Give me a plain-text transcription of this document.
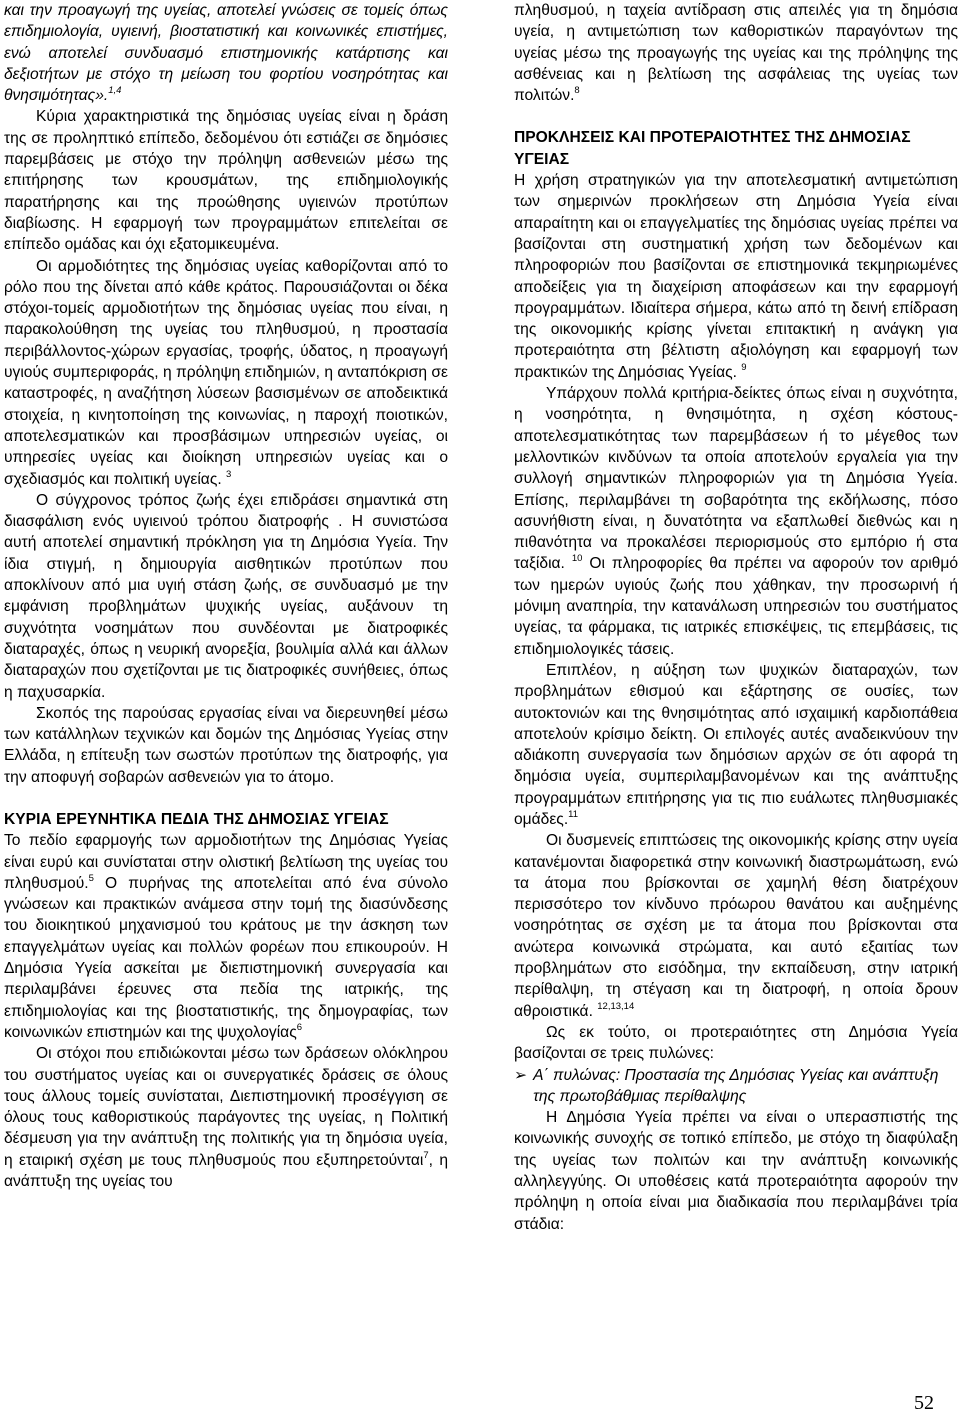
και την προαγωγή της υγείας, αποτελεί γνώσεις σε τομείς όπως επιδημιολογία, υγιεινή, βιοστατιστική και κοινωνικές επιστήμες, ενώ αποτελεί συνδυασμό επιστημονικής κατάρτισης και δεξιοτήτων με στόχο τη μείωση του φορτίου νοσηρότητας και θνησιμότητας».$^{1,4}$

Κύρια χαρακτηριστικά της δημόσιας υγείας είναι η δράση της σε προληπτικό επίπεδο, δεδομένου ότι εστιάζει σε δημόσιες παρεμβάσεις με στόχο την πρόληψη ασθενειών μέσω της επιτήρησης των κρουσμάτων, της επιδημιολογικής παρατήρησης και της προώθησης υγιεινών προτύπων διαβίωσης. Η εφαρμογή των προγραμμάτων επιτελείται σε επίπεδο ομάδας και όχι εξατομικευμένα.

Οι αρμοδιότητες της δημόσιας υγείας καθορίζονται από το ρόλο που της δίνεται από κάθε κράτος. Παρουσιάζονται οι δέκα στόχοι-τομείς αρμοδιοτήτων της δημόσιας υγείας που είναι, η παρακολούθηση της υγείας του πληθυσμού, η προστασία περιβάλλοντος-χώρων εργασίας, τροφής, ύδατος, η προαγωγή υγιούς συμπεριφοράς, η πρόληψη επιδημιών, η ανταπόκριση σε καταστροφές, η αναζήτηση λύσεων βασισμένων σε αποδεικτικά στοιχεία, η κινητοποίηση της κοινωνίας, η παροχή ποιοτικών, αποτελεσματικών και προσβάσιμων υπηρεσιών υγείας, οι υπηρεσίες υγείας και διοίκηση υπηρεσιών υγείας και ο σχεδιασμός και πολιτική υγείας. $^3$

Ο σύγχρονος τρόπος ζωής έχει επιδράσει σημαντικά στη διασφάλιση ενός υγιεινού τρόπου διατροφής . Η συνιστώσα αυτή αποτελεί σημαντική πρόκληση για τη Δημόσια Υγεία. Την ίδια στιγμή, η δημιουργία αισθητικών προτύπων που αποκλίνουν από μια υγιή στάση ζωής, σε συνδυασμό με την εμφάνιση προβλημάτων ψυχικής υγείας, αυξάνουν τη συχνότητα νοσημάτων που συνδέονται με διατροφικές διαταραχές, όπως η νευρική ανορεξία, βουλιμία αλλά και άλλων διαταραχών που σχετίζονται με τις διατροφικές συνήθειες, όπως η παχυσαρκία.

Σκοπός της παρούσας εργασίας είναι να διερευνηθεί μέσω των κατάλληλων τεχνικών και δομών της Δημόσιας Υγείας στην Ελλάδα, η επίτευξη των σωστών προτύπων της διατροφής, για την αποφυγή σοβαρών ασθενειών για το άτομο.

ΚΥΡΙΑ ΕΡΕΥΝΗΤΙΚΑ ΠΕΔΙΑ ΤΗΣ ΔΗΜΟΣΙΑΣ ΥΓΕΙΑΣ

Το πεδίο εφαρμογής των αρμοδιοτήτων της Δημόσιας Υγείας είναι ευρύ και συνίσταται στην ολιστική βελτίωση της υγείας του πληθυσμού.$^5$ Ο πυρήνας της αποτελείται από ένα σύνολο γνώσεων και πρακτικών ανάμεσα στην τομή της διασύνδεσης του διοικητικού μηχανισμού του κράτους με την άσκηση των επαγγελμάτων υγείας και πολλών φορέων που επικουρούν. Η Δημόσια Υγεία ασκείται με διεπιστημονική συνεργασία και περιλαμβάνει έρευνες στα πεδία της ιατρικής, της επιδημιολογίας και της βιοστατιστικής, της δημογραφίας, των κοινωνικών επιστημών και της ψυχολογίας$^6$

Οι στόχοι που επιδιώκονται μέσω των δράσεων ολόκληρου του συστήματος υγείας και οι συνεργατικές δράσεις σε όλους τους άλλους τομείς συνίσταται, Διεπιστημονική προσέγγιση σε όλους τους καθοριστικούς παράγοντες της υγείας, η Πολιτική δέσμευση για την ανάπτυξη της πολιτικής για τη δημόσια υγεία, η εταιρική σχέση με τους πληθυσμούς που εξυπηρετούνται$^7$, η ανάπτυξη της υγείας του

πληθυσμού, η ταχεία αντίδραση στις απειλές για τη δημόσια υγεία, η αντιμετώπιση των καθοριστικών παραγόντων της υγείας μέσω της προαγωγής της υγείας και της πρόληψης της ασθένειας και η βελτίωση της ασφάλειας της υγείας των πολιτών.$^8$

ΠΡΟΚΛΗΣΕΙΣ ΚΑΙ ΠΡΟΤΕΡΑΙΟΤΗΤΕΣ ΤΗΣ ΔΗΜΟΣΙΑΣ ΥΓΕΙΑΣ

Η χρήση στρατηγικών για την αποτελεσματική αντιμετώπιση των σημερινών προκλήσεων στη Δημόσια Υγεία είναι απαραίτητη και οι επαγγελματίες της δημόσιας υγείας πρέπει να βασίζονται στη συστηματική χρήση των δεδομένων και πληροφοριών που βασίζονται σε επιστημονικά τεκμηριωμένες αποδείξεις για τη διαχείριση αποφάσεων και την εφαρμογή προγραμμάτων. Ιδιαίτερα σήμερα, κάτω από τη δεινή επίδραση της οικονομικής κρίσης γίνεται επιτακτική η ανάγκη για προτεραιότητα στη βέλτιστη αξιολόγηση και εφαρμογή των πρακτικών της Δημόσιας Υγείας. $^9$

Υπάρχουν πολλά κριτήρια-δείκτες όπως είναι η συχνότητα, η νοσηρότητα, η θνησιμότητα, η σχέση κόστους- αποτελεσματικότητας των παρεμβάσεων ή το μέγεθος των μελλοντικών κινδύνων τα οποία αποτελούν εργαλεία για την συλλογή σημαντικών πληροφοριών για τη Δημόσια Υγεία. Επίσης, περιλαμβάνει τη σοβαρότητα της εκδήλωσης, πόσο ασυνήθιστη είναι, η δυνατότητα να εξαπλωθεί διεθνώς και η πιθανότητα να προκαλέσει περιορισμούς στο εμπόριο ή στα ταξίδια. $^{10}$ Οι πληροφορίες θα πρέπει να αφορούν τον αριθμό των ημερών υγιούς ζωής που χάθηκαν, την προσωρινή ή μόνιμη αναπηρία, την κατανάλωση υπηρεσιών του συστήματος υγείας, τα φάρμακα, τις ιατρικές επισκέψεις, τις επεμβάσεις, τις επιδημιολογικές τάσεις.

Επιπλέον, η αύξηση των ψυχικών διαταραχών, των προβλημάτων εθισμού και εξάρτησης σε ουσίες, των αυτοκτονιών και της θνησιμότητας από ισχαιμική καρδιοπάθεια αποτελούν κρίσιμο δείκτη. Οι επιλογές αυτές αναδεικνύουν την αδιάκοπη συνεργασία των δημόσιων αρχών σε ότι αφορά τη δημόσια υγεία, συμπεριλαμβανομένων και της ανάπτυξης προγραμμάτων επιτήρησης για τις πιο ευάλωτες πληθυσμιακές ομάδες.$^{11}$

Οι δυσμενείς επιπτώσεις της οικονομικής κρίσης στην υγεία κατανέμονται διαφορετικά στην κοινωνική διαστρωμάτωση, ενώ τα άτομα που βρίσκονται σε χαμηλή θέση διατρέχουν περισσότερο τον κίνδυνο πρόωρου θανάτου και αυξημένης νοσηρότητας σε σχέση με τα άτομα που βρίσκονται στα ανώτερα κοινωνικά στρώματα, και αυτό εξαιτίας των προβλημάτων στο εισόδημα, την εκπαίδευση, στην ιατρική περίθαλψη, τη στέγαση και τη διατροφή, η οποία δρουν αθροιστικά. $^{12,13,14}$

Ως εκ τούτο, οι προτεραιότητες στη Δημόσια Υγεία βασίζονται σε τρεις πυλώνες:

➢ Α΄ πυλώνας: Προστασία της Δημόσιας Υγείας και ανάπτυξη της πρωτοβάθμιας περίθαλψης

Η Δημόσια Υγεία πρέπει να είναι ο υπερασπιστής της κοινωνικής συνοχής σε τοπικό επίπεδο, με στόχο τη διαφύλαξη της υγείας των πολιτών και την ανάπτυξη κοινωνικής αλληλεγγύης. Οι υποθέσεις κατά προτεραιότητα αφορούν την πρόληψη η οποία είναι μια διαδικασία που περιλαμβάνει τρία στάδια:

52
